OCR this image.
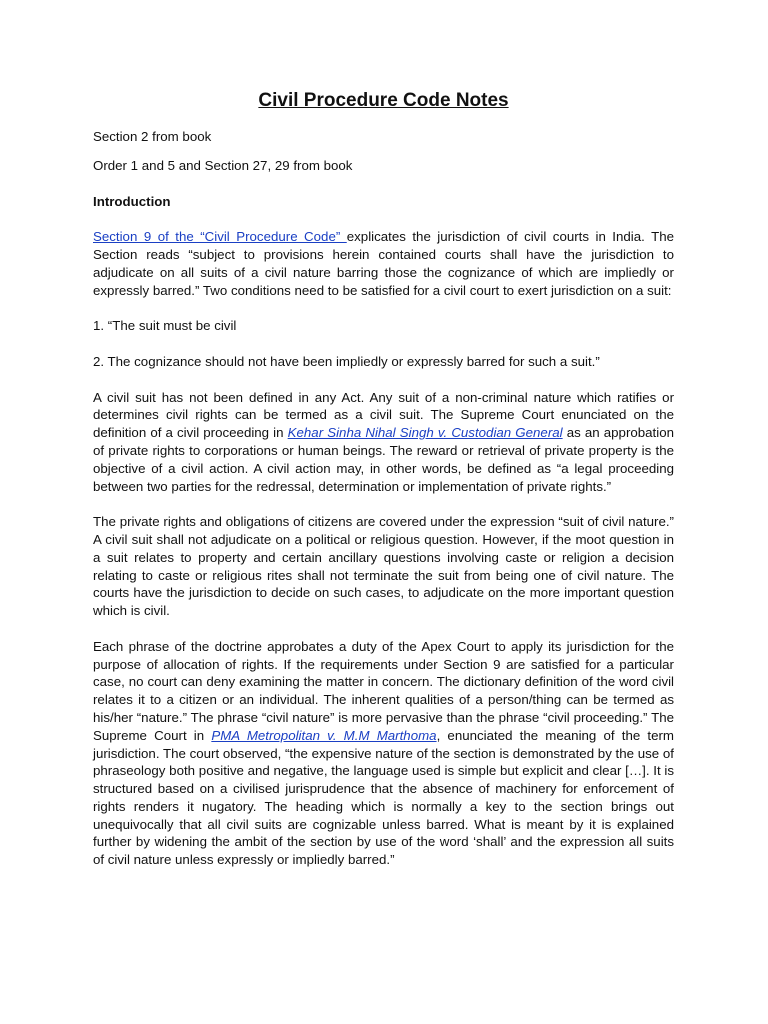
Civil Procedure Code Notes

Section 2 from book

Order 1 and 5 and Section 27, 29 from book

Introduction

Section 9 of the “Civil Procedure Code” explicates the jurisdiction of civil courts in India. The Section reads “subject to provisions herein contained courts shall have the jurisdiction to adjudicate on all suits of a civil nature barring those the cognizance of which are impliedly or expressly barred.” Two conditions need to be satisfied for a civil court to exert jurisdiction on a suit:

1. “The suit must be civil

2. The cognizance should not have been impliedly or expressly barred for such a suit.”

A civil suit has not been defined in any Act. Any suit of a non-criminal nature which ratifies or determines civil rights can be termed as a civil suit. The Supreme Court enunciated on the definition of a civil proceeding in Kehar Sinha Nihal Singh v. Custodian General as an approbation of private rights to corporations or human beings. The reward or retrieval of private property is the objective of a civil action. A civil action may, in other words, be defined as “a legal proceeding between two parties for the redressal, determination or implementation of private rights.”

The private rights and obligations of citizens are covered under the expression “suit of civil nature.” A civil suit shall not adjudicate on a political or religious question. However, if the moot question in a suit relates to property and certain ancillary questions involving caste or religion a decision relating to caste or religious rites shall not terminate the suit from being one of civil nature. The courts have the jurisdiction to decide on such cases, to adjudicate on the more important question which is civil.

Each phrase of the doctrine approbates a duty of the Apex Court to apply its jurisdiction for the purpose of allocation of rights. If the requirements under Section 9 are satisfied for a particular case, no court can deny examining the matter in concern. The dictionary definition of the word civil relates it to a citizen or an individual. The inherent qualities of a person/thing can be termed as his/her “nature.” The phrase “civil nature” is more pervasive than the phrase “civil proceeding.” The Supreme Court in PMA Metropolitan v. M.M Marthoma, enunciated the meaning of the term jurisdiction. The court observed, “the expensive nature of the section is demonstrated by the use of phraseology both positive and negative, the language used is simple but explicit and clear […]. It is structured based on a civilised jurisprudence that the absence of machinery for enforcement of rights renders it nugatory. The heading which is normally a key to the section brings out unequivocally that all civil suits are cognizable unless barred. What is meant by it is explained further by widening the ambit of the section by use of the word ‘shall’ and the expression all suits of civil nature unless expressly or impliedly barred.”
